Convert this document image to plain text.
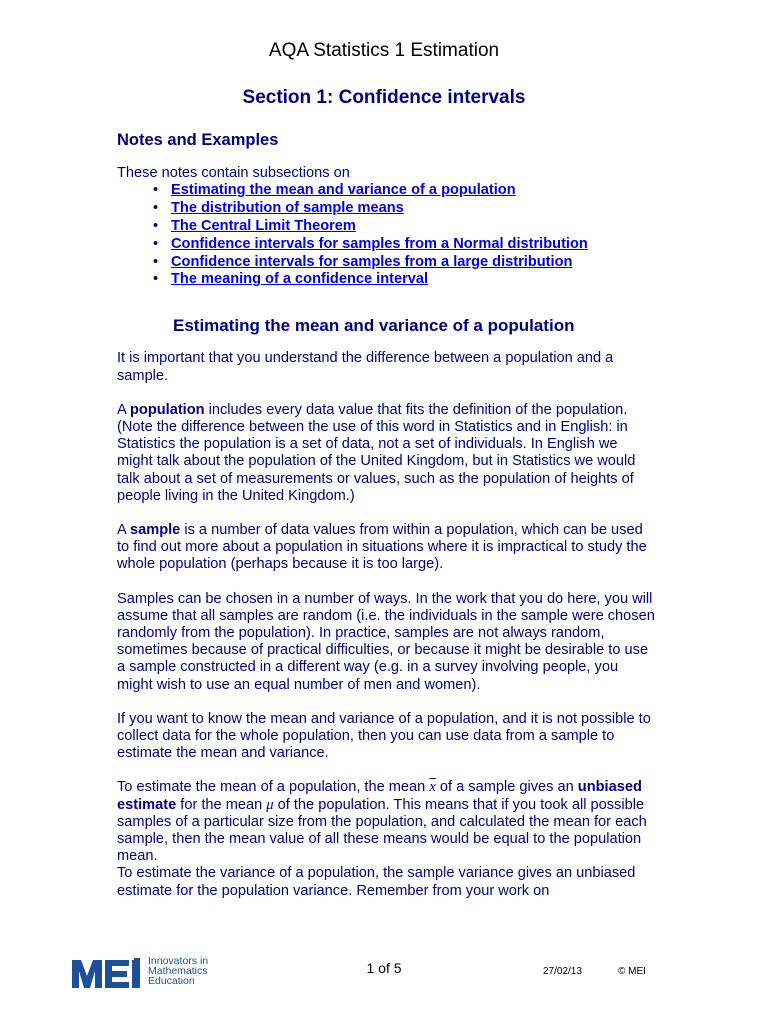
AQA Statistics 1 Estimation
Section 1: Confidence intervals
Notes and Examples

These notes contain subsections on

• Estimating the mean and variance of a population
• The distribution of sample means
• The Central Limit Theorem
• Confidence intervals for samples from a Normal distribution
• Confidence intervals for samples from a large distribution
• The meaning of a confidence interval
Estimating the mean and variance of a population

It is important that you understand the difference between a population and a sample.

A population includes every data value that fits the definition of the population. (Note the difference between the use of this word in Statistics and in English: in Statistics the population is a set of data, not a set of individuals. In English we might talk about the population of the United Kingdom, but in Statistics we would talk about a set of measurements or values, such as the population of heights of people living in the United Kingdom.)

A sample is a number of data values from within a population, which can be used to find out more about a population in situations where it is impractical to study the whole population (perhaps because it is too large).

Samples can be chosen in a number of ways. In the work that you do here, you will assume that all samples are random (i.e. the individuals in the sample were chosen randomly from the population). In practice, samples are not always random, sometimes because of practical difficulties, or because it might be desirable to use a sample constructed in a different way (e.g. in a survey involving people, you might wish to use an equal number of men and women).

If you want to know the mean and variance of a population, and it is not possible to collect data for the whole population, then you can use data from a sample to estimate the mean and variance.

To estimate the mean of a population, the mean $\overline{x}$ of a sample gives an unbiased estimate for the mean μ of the population. This means that if you took all possible samples of a particular size from the population, and calculated the mean for each sample, then the mean value of all these means would be equal to the population mean.

To estimate the variance of a population, the sample variance gives an unbiased estimate for the population variance. Remember from your work on

MEI	Innovators in
Mathematics
Education
1 of 5	27/02/13	© MEI
